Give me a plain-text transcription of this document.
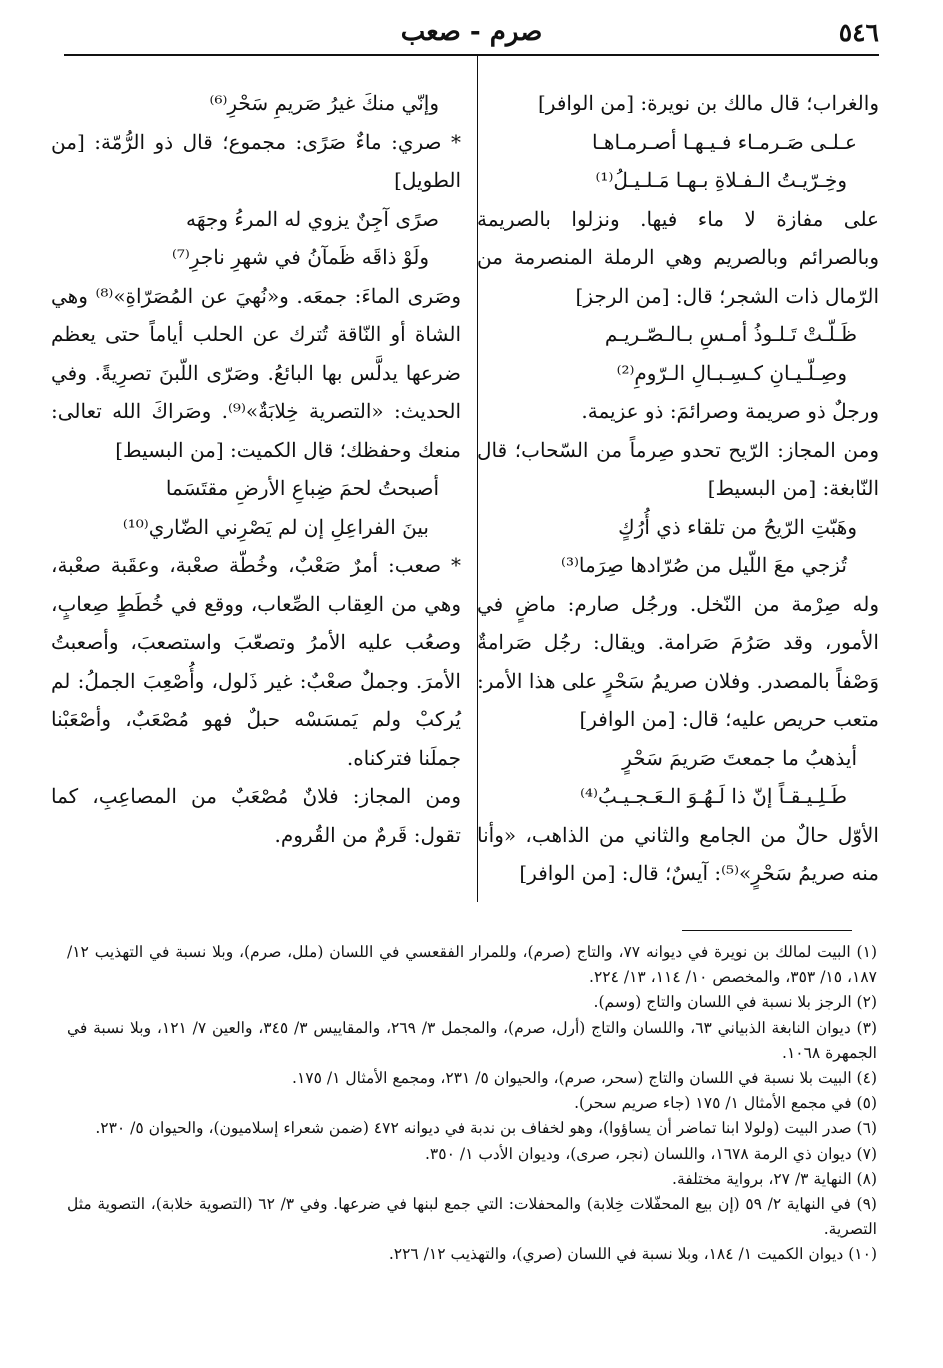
٥٤٦
صرم - صعب

والغراب؛ قال مالك بن نويرة: [من الوافر]

عـلـى صَـرمـاء فـيـهـا أصـرمـاهـا

وخِـرّيـتُ الـفـلاةِ بـهـا مَـلـيـلُ⁽¹⁾

على مفازة لا ماء فيها. ونزلوا بالصريمة وبالصرائم وبالصريم وهي الرملة المنصرمة من الرّمال ذات الشجر؛ قال: [من الرجز]

ظَـلّـتْ تَـلـوذُ أمـسِ بـالـصّـريـم

وصِـلّـيـانِ كـسِـبـالِ الـرّومِ⁽²⁾

ورجلٌ ذو صريمة وصرائمَ: ذو عزيمة.

ومن المجاز: الرّيح تحدو صِرماً من السّحاب؛ قال النّابغة: [من البسيط]

وهَبّتِ الرّيحُ من تلقاء ذي أُرُكٍ

تُزجي معَ اللّيل من صُرّادها صِرَما⁽³⁾

وله صِرْمة من النّخل. ورجُل صارم: ماضٍ في الأمور، وقد صَرُمَ صَرامة. ويقال: رجُل صَرامةٌ وَصْفاً بالمصدر. وفلان صريمُ سَحْرٍ على هذا الأمر: متعب حريص عليه؛ قال: [من الوافر]

أيذهبُ ما جمعتَ صَريمَ سَحْرٍ

طَـلِـيـقـاً إنّ ذا لَـهُـوَ الـعَـجـيـبُ⁽⁴⁾

الأوّل حالٌ من الجامع والثاني من الذاهب، «وأنا منه صريمُ سَحْرٍ»⁽⁵⁾: آيسٌ؛ قال: [من الوافر]

وإنّي منكَ غيرُ صَريمِ سَحْرِ⁽⁶⁾

* صري: ماءٌ صَرًى: مجموع؛ قال ذو الرُّمّة: [من الطويل]

صرًى آجِنٌ يزوي له المرءُ وجهَه

ولَوْ ذاقَه ظَمآنُ في شهرِ ناجرِ⁽⁷⁾

وصَرى الماءَ: جمعَه. و«نُهيَ عن المُصَرّاةِ»⁽⁸⁾ وهي الشاة أو النّاقة تُترك عن الحلب أياماً حتى يعظم ضرعها يدلَّس بها البائعُ. وصَرّى اللّبنَ تصرِيةً. وفي الحديث: «التصرية خِلابَةٌ»⁽⁹⁾. وصَراكَ الله تعالى: منعك وحفظك؛ قال الكميت: [من البسيط]

أصبحتُ لحمَ ضِباعِ الأرضِ مقتَسَما

بينَ الفراعِلِ إن لم يَصْرِني الضّاري⁽¹⁰⁾

* صعب: أمرٌ صَعْبٌ، وخُطّة صعْبة، وعقَبة صعْبة، وهي من العِقاب الصِّعاب، ووقع في خُطَطٍ صِعابٍ، وصعُب عليه الأمرُ وتصعّبَ واستصعبَ، وأصعبتُ الأمرَ. وجملٌ صعْبٌ: غير ذَلول، وأُصْعِبَ الجملُ: لم يُركبْ ولم يَمسَسْه حبلٌ فهو مُصْعَبٌ، وأصْعَبْنا جملَنا فتركناه.

ومن المجاز: فلانٌ مُصْعَبٌ من المصاعِبِ، كما تقول: قَرمٌ من القُروم.

(١) البيت لمالك بن نويرة في ديوانه ٧٧، والتاج (صرم)، وللمرار الفقعسي في اللسان (ملل، صرم)، وبلا نسبة في التهذيب ١٢/ ١٨٧، ١٥/ ٣٥٣، والمخصص ١٠/ ١١٤، ١٣/ ٢٢٤.

(٢) الرجز بلا نسبة في اللسان والتاج (وسم).

(٣) ديوان النابغة الذبياني ٦٣، واللسان والتاج (أرل، صرم)، والمجمل ٣/ ٢٦٩، والمقاييس ٣/ ٣٤٥، والعين ٧/ ١٢١، وبلا نسبة في الجمهرة ١٠٦٨.

(٤) البيت بلا نسبة في اللسان والتاج (سحر، صرم)، والحيوان ٥/ ٢٣١، ومجمع الأمثال ١/ ١٧٥.

(٥) في مجمع الأمثال ١/ ١٧٥ (جاء صريم سحر).

(٦) صدر البيت (ولولا ابنا تماضر أن يساؤوا)، وهو لخفاف بن ندبة في ديوانه ٤٧٢ (ضمن شعراء إسلاميون)، والحيوان ٥/ ٢٣٠.

(٧) ديوان ذي الرمة ١٦٧٨، واللسان (نجر، صرى)، وديوان الأدب ١/ ٣٥٠.

(٨) النهاية ٣/ ٢٧، برواية مختلفة.

(٩) في النهاية ٢/ ٥٩ (إن بيع المحفّلات خِلابة) والمحفلات: التي جمع لبنها في ضرعها. وفي ٣/ ٦٢ (التصوية خلابة)، التصوية مثل التصرية.

(١٠) ديوان الكميت ١/ ١٨٤، وبلا نسبة في اللسان (صري)، والتهذيب ١٢/ ٢٢٦.
